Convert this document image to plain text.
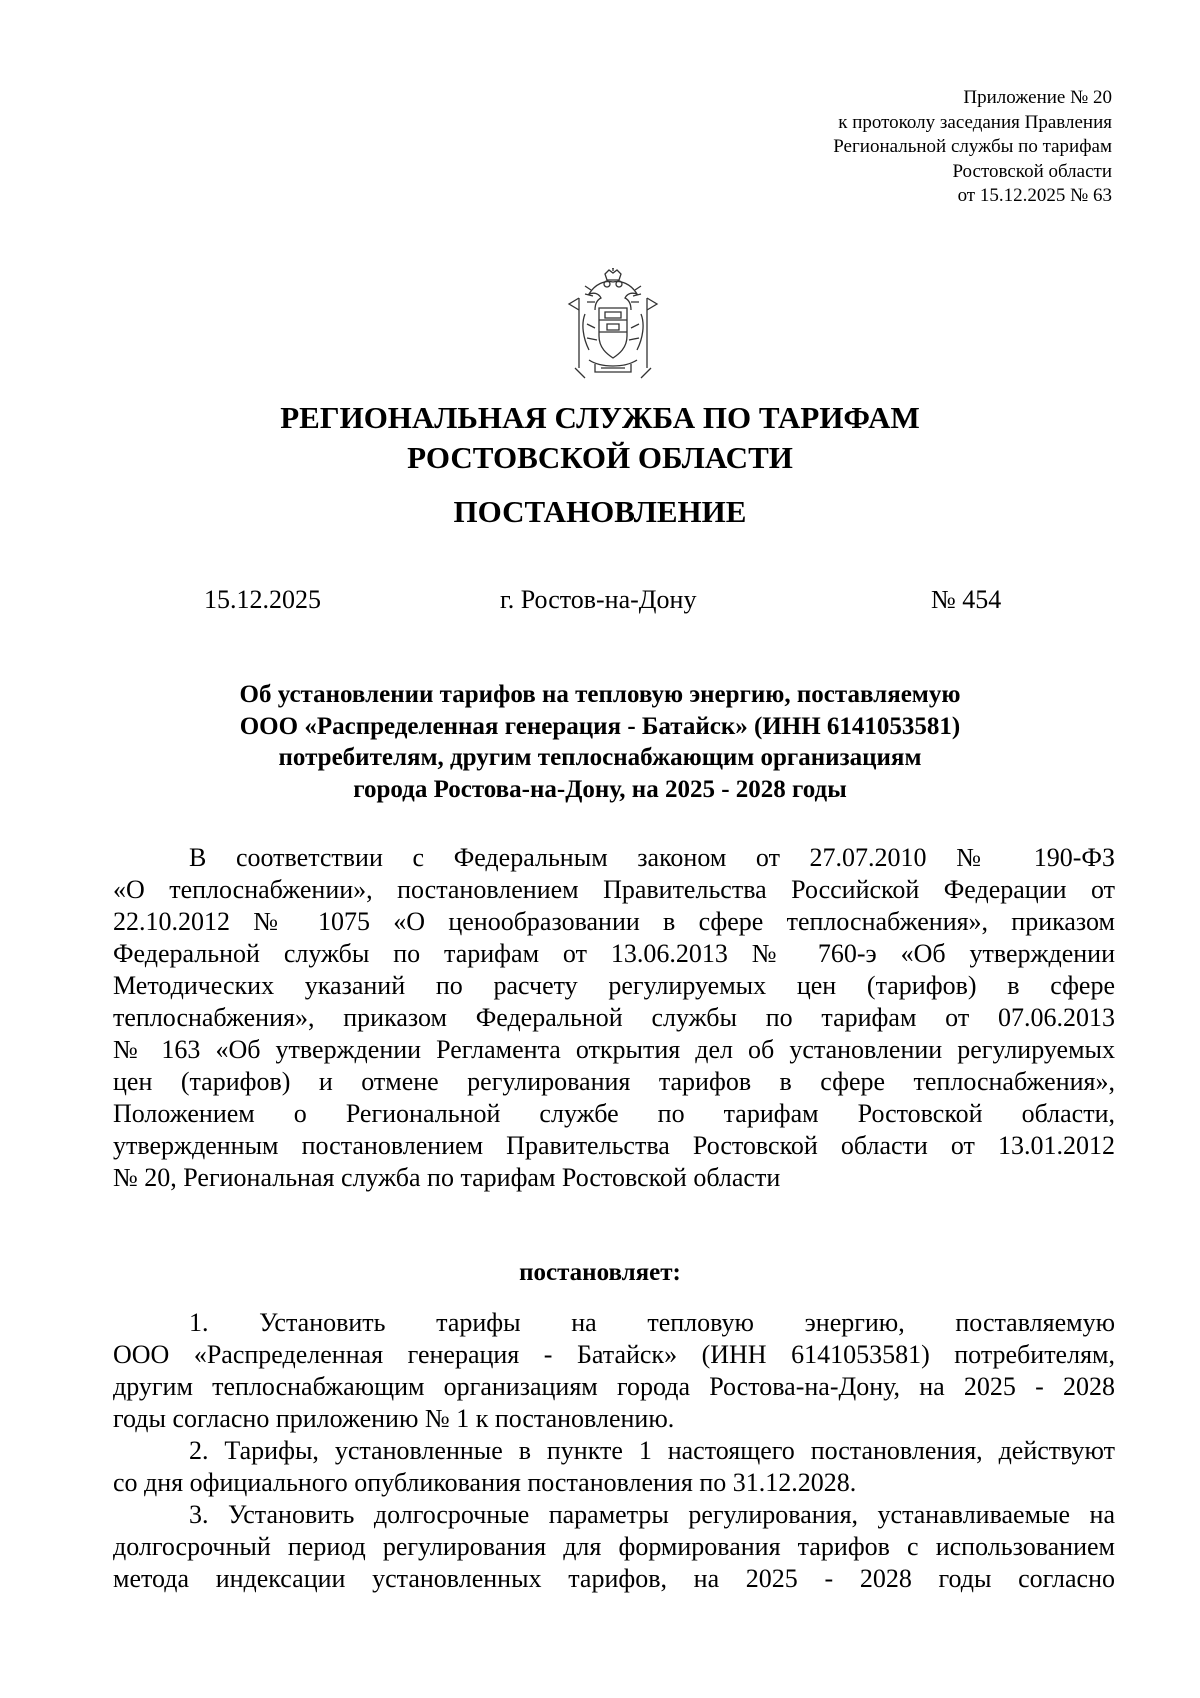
Приложение № 20
к протоколу заседания Правления
Региональной службы по тарифам
Ростовской области
от 15.12.2025 № 63
РЕГИОНАЛЬНАЯ СЛУЖБА ПО ТАРИФАМ
РОСТОВСКОЙ ОБЛАСТИ
ПОСТАНОВЛЕНИЕ
15.12.2025	г. Ростов-на-Дону	№ 454
Об установлении тарифов на тепловую энергию, поставляемую
ООО «Распределенная генерация - Батайск» (ИНН 6141053581)
потребителям, другим теплоснабжающим организациям
города Ростова-на-Дону, на 2025 - 2028 годы
В соответствии с Федеральным законом от 27.07.2010 № 190-ФЗ
«О теплоснабжении», постановлением Правительства Российской Федерации от
22.10.2012 № 1075 «О ценообразовании в сфере теплоснабжения», приказом
Федеральной службы по тарифам от 13.06.2013 № 760-э «Об утверждении
Методических указаний по расчету регулируемых цен (тарифов) в сфере
теплоснабжения», приказом Федеральной службы по тарифам от 07.06.2013
№ 163 «Об утверждении Регламента открытия дел об установлении регулируемых
цен (тарифов) и отмене регулирования тарифов в сфере теплоснабжения»,
Положением о Региональной службе по тарифам Ростовской области,
утвержденным постановлением Правительства Ростовской области от 13.01.2012
№ 20, Региональная служба по тарифам Ростовской области
постановляет:
1. Установить тарифы на тепловую энергию, поставляемую
ООО «Распределенная генерация - Батайск» (ИНН 6141053581) потребителям,
другим теплоснабжающим организациям города Ростова-на-Дону, на 2025 - 2028
годы согласно приложению № 1 к постановлению.
2. Тарифы, установленные в пункте 1 настоящего постановления, действуют
со дня официального опубликования постановления по 31.12.2028.
3. Установить долгосрочные параметры регулирования, устанавливаемые на
долгосрочный период регулирования для формирования тарифов с использованием
метода индексации установленных тарифов, на 2025 - 2028 годы согласно
